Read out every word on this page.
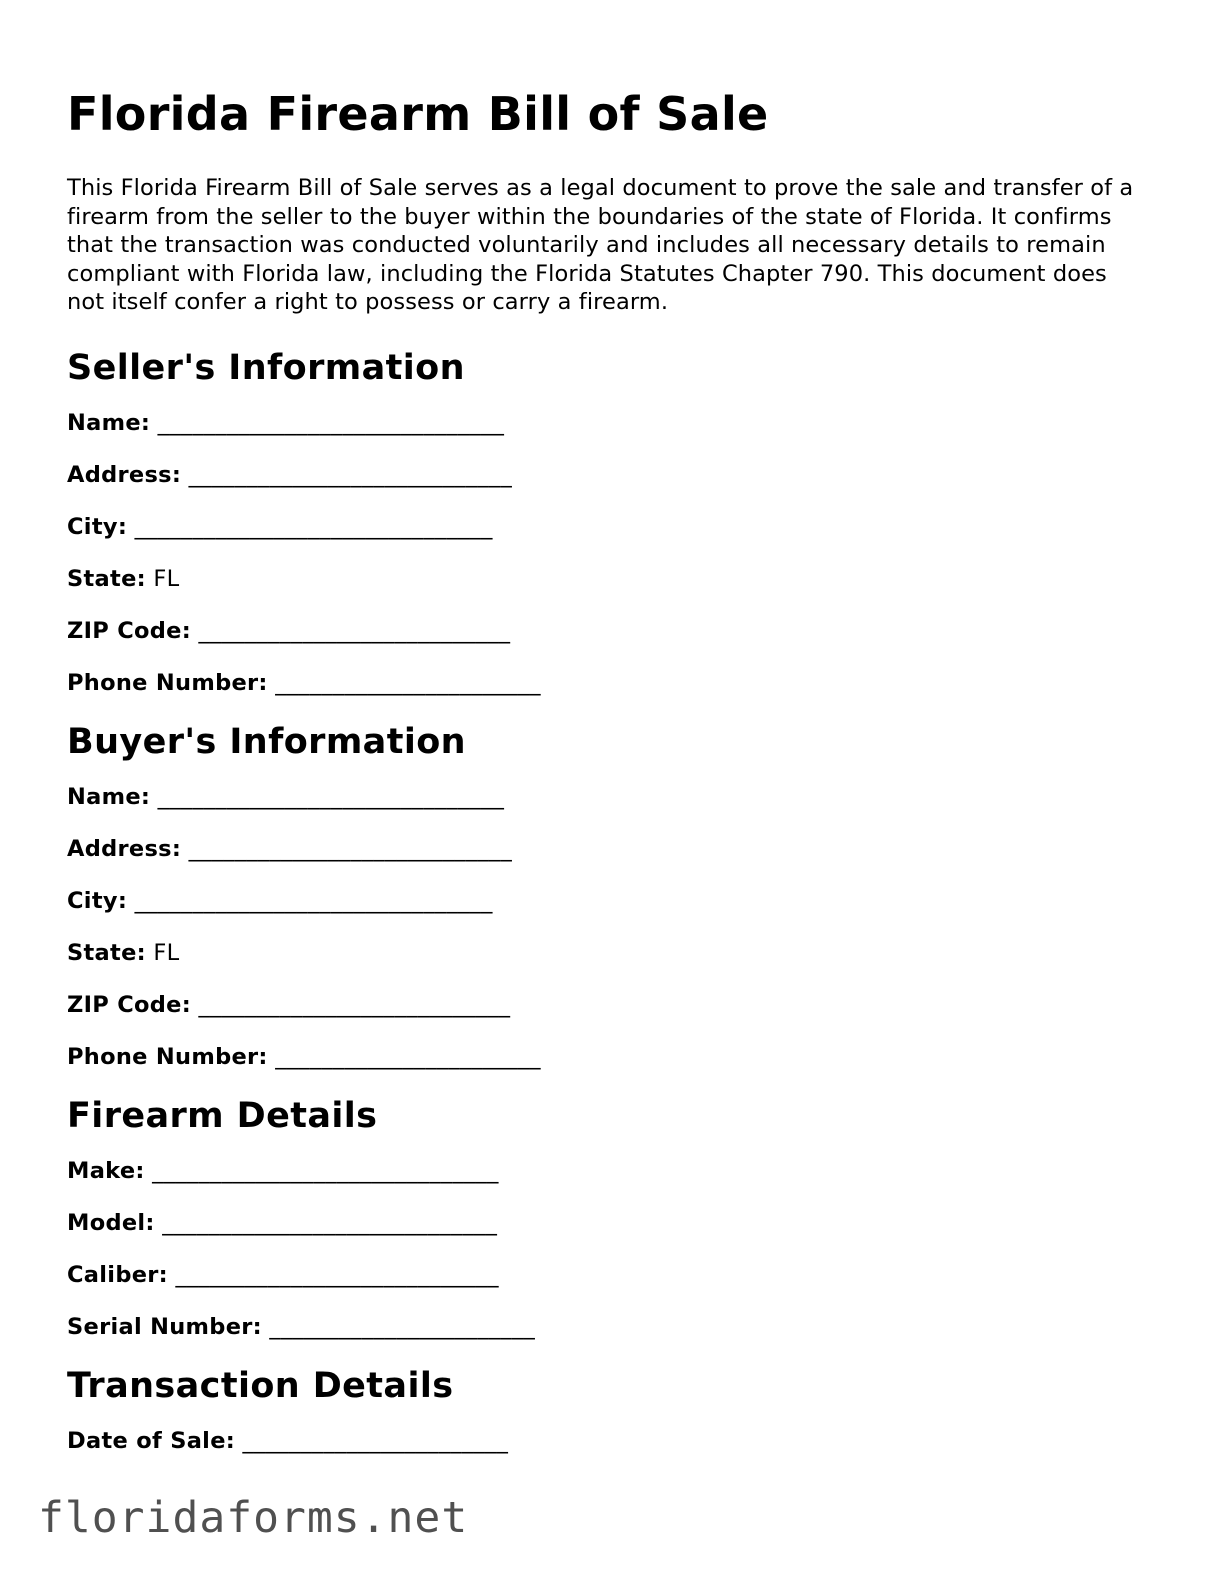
Florida Firearm Bill of Sale

This Florida Firearm Bill of Sale serves as a legal document to prove the sale and transfer of a firearm from the seller to the buyer within the boundaries of the state of Florida. It confirms that the transaction was conducted voluntarily and includes all necessary details to remain compliant with Florida law, including the Florida Statutes Chapter 790. This document does not itself confer a right to possess or carry a firearm.

Seller's Information
Name: ______________________________
Address: ____________________________
City: _______________________________
State: FL
ZIP Code: ___________________________
Phone Number: _______________________
Buyer's Information
Name: ______________________________
Address: ____________________________
City: _______________________________
State: FL
ZIP Code: ___________________________
Phone Number: _______________________
Firearm Details
Make: ______________________________
Model: _____________________________
Caliber: ____________________________
Serial Number: _______________________
Transaction Details
Date of Sale: _______________________
floridaforms.net
